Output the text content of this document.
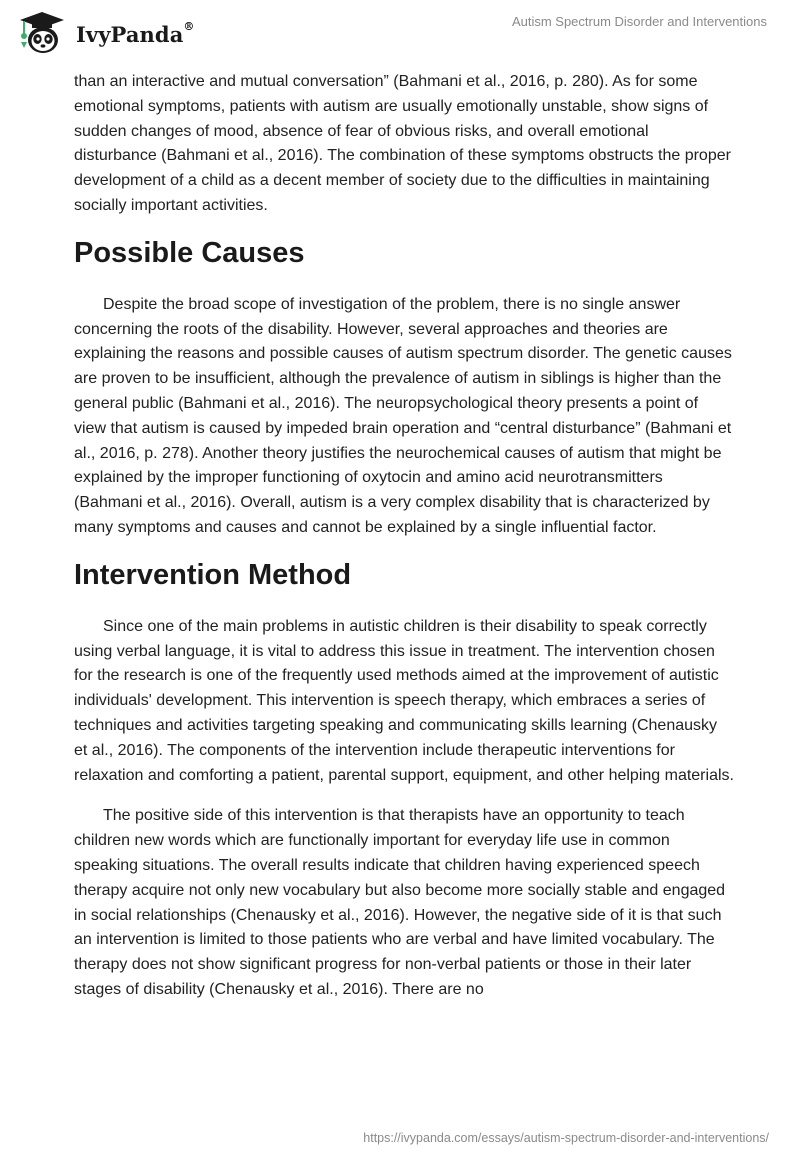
IvyPanda®	Autism Spectrum Disorder and Interventions

than an interactive and mutual conversation” (Bahmani et al., 2016, p. 280). As for some emotional symptoms, patients with autism are usually emotionally unstable, show signs of sudden changes of mood, absence of fear of obvious risks, and overall emotional disturbance (Bahmani et al., 2016). The combination of these symptoms obstructs the proper development of a child as a decent member of society due to the difficulties in maintaining socially important activities.

Possible Causes

Despite the broad scope of investigation of the problem, there is no single answer concerning the roots of the disability. However, several approaches and theories are explaining the reasons and possible causes of autism spectrum disorder. The genetic causes are proven to be insufficient, although the prevalence of autism in siblings is higher than the general public (Bahmani et al., 2016). The neuropsychological theory presents a point of view that autism is caused by impeded brain operation and “central disturbance” (Bahmani et al., 2016, p. 278). Another theory justifies the neurochemical causes of autism that might be explained by the improper functioning of oxytocin and amino acid neurotransmitters (Bahmani et al., 2016). Overall, autism is a very complex disability that is characterized by many symptoms and causes and cannot be explained by a single influential factor.

Intervention Method

Since one of the main problems in autistic children is their disability to speak correctly using verbal language, it is vital to address this issue in treatment. The intervention chosen for the research is one of the frequently used methods aimed at the improvement of autistic individuals' development. This intervention is speech therapy, which embraces a series of techniques and activities targeting speaking and communicating skills learning (Chenausky et al., 2016). The components of the intervention include therapeutic interventions for relaxation and comforting a patient, parental support, equipment, and other helping materials.

The positive side of this intervention is that therapists have an opportunity to teach children new words which are functionally important for everyday life use in common speaking situations. The overall results indicate that children having experienced speech therapy acquire not only new vocabulary but also become more socially stable and engaged in social relationships (Chenausky et al., 2016). However, the negative side of it is that such an intervention is limited to those patients who are verbal and have limited vocabulary. The therapy does not show significant progress for non-verbal patients or those in their later stages of disability (Chenausky et al., 2016). There are no

https://ivypanda.com/essays/autism-spectrum-disorder-and-interventions/
